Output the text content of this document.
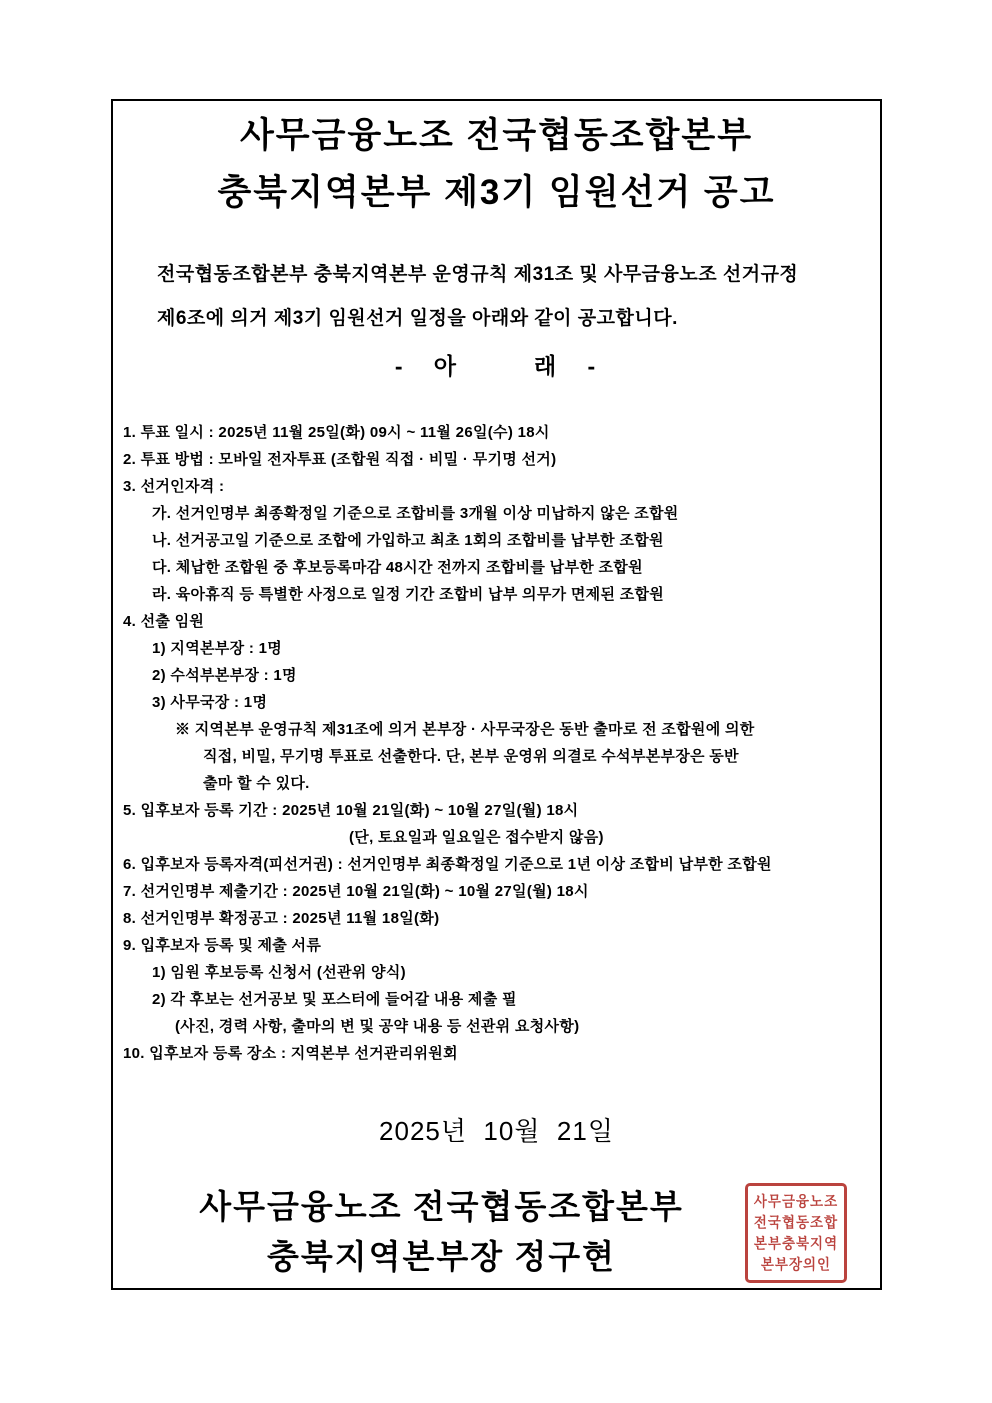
사무금융노조 전국협동조합본부
충북지역본부 제3기 임원선거 공고
전국협동조합본부 충북지역본부 운영규칙 제31조 및 사무금융노조 선거규정
제6조에 의거 제3기 임원선거 일정을 아래와 같이 공고합니다.
-   아        래   -
1. 투표 일시 : 2025년 11월 25일(화) 09시 ~ 11월 26일(수) 18시
2. 투표 방법 : 모바일 전자투표 (조합원 직접 · 비밀 · 무기명 선거)
3. 선거인자격 :
가. 선거인명부 최종확정일 기준으로 조합비를 3개월 이상 미납하지 않은 조합원
나. 선거공고일 기준으로 조합에 가입하고 최초 1회의 조합비를 납부한 조합원
다. 체납한 조합원 중 후보등록마감 48시간 전까지 조합비를 납부한 조합원
라. 육아휴직 등 특별한 사정으로 일정 기간 조합비 납부 의무가 면제된 조합원
4. 선출 임원
1) 지역본부장 : 1명
2) 수석부본부장 : 1명
3) 사무국장 : 1명
※ 지역본부 운영규칙 제31조에 의거 본부장 · 사무국장은 동반 출마로 전 조합원에 의한
직접, 비밀, 무기명 투표로 선출한다. 단, 본부 운영위 의결로 수석부본부장은 동반
출마 할 수 있다.
5. 입후보자 등록 기간 : 2025년 10월 21일(화) ~ 10월 27일(월) 18시
(단, 토요일과 일요일은 접수받지 않음)
6. 입후보자 등록자격(피선거권) : 선거인명부 최종확정일 기준으로 1년 이상 조합비 납부한 조합원
7. 선거인명부 제출기간 : 2025년 10월 21일(화) ~ 10월 27일(월) 18시
8. 선거인명부 확정공고 : 2025년 11월 18일(화)
9. 입후보자 등록 및 제출 서류
1) 임원 후보등록 신청서 (선관위 양식)
2) 각 후보는 선거공보 및 포스터에 들어갈 내용 제출 필
(사진, 경력 사항, 출마의 변 및 공약 내용 등 선관위 요청사항)
10. 입후보자 등록 장소 : 지역본부 선거관리위원회
2025년  10월  21일
사무금융노조 전국협동조합본부
충북지역본부장 정구현
사무금융노조
전국협동조합
본부충북지역
본부장의인
